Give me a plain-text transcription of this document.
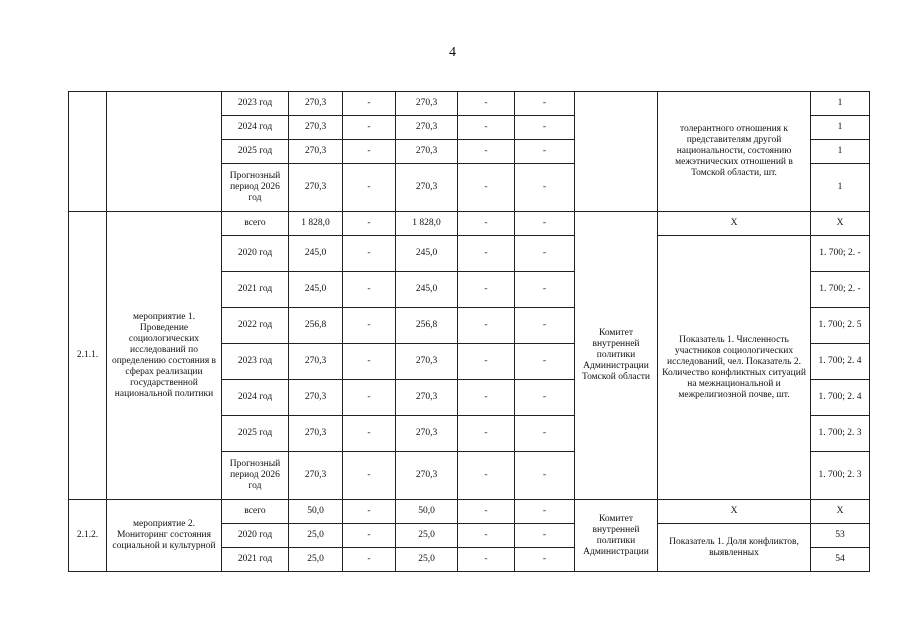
4
		2023 год	270,3	-	270,3	-	-		толерантного отношения к представителям другой национальности, состоянию межэтнических отношений в Томской области, шт.	1
		2024 год	270,3	-	270,3	-	-			1
		2025 год	270,3	-	270,3	-	-			1
		Прогнозный период 2026 год	270,3	-	270,3	-	-			1
2.1.1.	мероприятие 1. Проведение социологических исследований по определению состояния в сферах реализации государственной национальной политики	всего	1 828,0	-	1 828,0	-	-	Комитет внутренней политики Администрации Томской области	X	X
		2020 год	245,0	-	245,0	-	-		Показатель 1. Численность участников социологических исследований, чел. Показатель 2. Количество конфликтных ситуаций на межнациональной и межрелигиозной почве, шт.	1. 700; 2. -
		2021 год	245,0	-	245,0	-	-			1. 700; 2. -
		2022 год	256,8	-	256,8	-	-			1. 700; 2. 5
		2023 год	270,3	-	270,3	-	-			1. 700; 2. 4
		2024 год	270,3	-	270,3	-	-			1. 700; 2. 4
		2025 год	270,3	-	270,3	-	-			1. 700; 2. 3
		Прогнозный период 2026 год	270,3	-	270,3	-	-			1. 700; 2. 3
2.1.2.	мероприятие 2. Мониторинг состояния социальной и культурной	всего	50,0	-	50,0	-	-	Комитет внутренней политики Администрации	X	X
		2020 год	25,0	-	25,0	-	-		Показатель 1. Доля конфликтов, выявленных	53
		2021 год	25,0	-	25,0	-	-			54
